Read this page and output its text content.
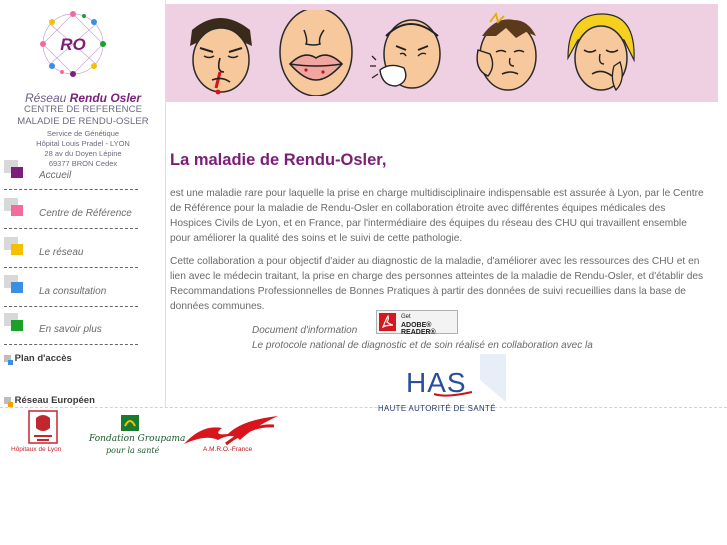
RO
Réseau Rendu Osler
CENTRE DE REFERENCE
MALADIE DE RENDU-OSLER
Service de Génétique
Hôpital Louis Pradel - LYON
28 av du Doyen Lépine
69377 BRON Cedex
Accueil
Centre de Référence
Le réseau
La consultation
En savoir plus
Plan d'accès
Réseau Européen
La maladie de Rendu-Osler,
est une maladie rare pour laquelle la prise en charge multidisciplinaire indispensable est assurée à Lyon, par le Centre
de Référence pour la maladie de Rendu-Osler en collaboration étroite avec différentes équipes médicales des
Hospices Civils de Lyon, et en France, par l'intermédiaire des équipes du réseau des CHU qui travaillent ensemble
pour améliorer la qualité des soins et le suivi de cette pathologie.
Cette collaboration a pour objectif d'aider au diagnostic de la maladie, d'améliorer avec les ressources des CHU et en
lien avec le médecin traitant, la prise en charge des personnes atteintes de la maladie de Rendu-Osler, et d'établir des
Recommandations Professionnelles de Bonnes Pratiques à partir des données de suivi recueillies dans la base de
données communes.
Document d'information
Get
ADOBE® READER®
Le protocole national de diagnostic et de soin réalisé en collaboration avec la
HAS
HAUTE AUTORITÉ DE SANTÉ
Hôpitaux de Lyon
Fondation Groupama
pour la santé	A.M.R.O.-France
